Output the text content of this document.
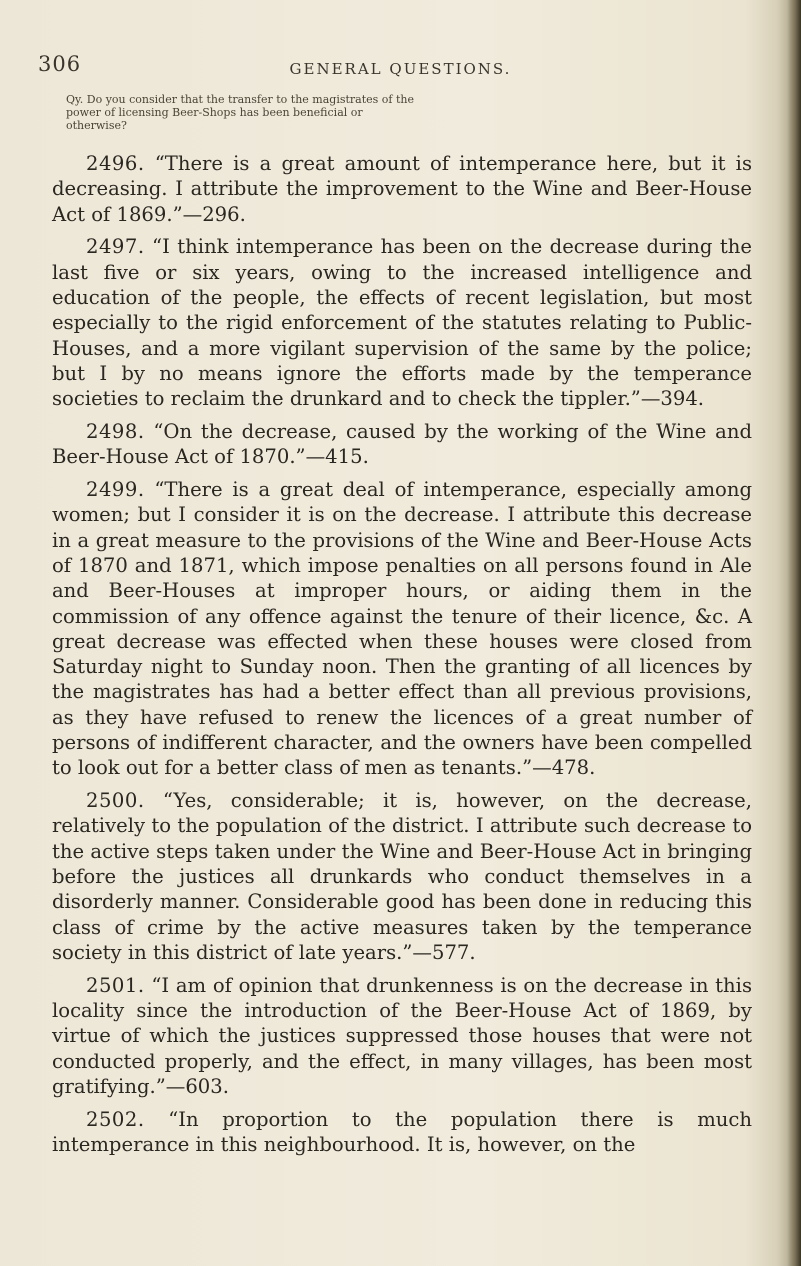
306	GENERAL QUESTIONS.
Qy. Do you consider that the transfer to the magistrates of the power of licensing Beer-Shops has been beneficial or otherwise?

2496. “There is a great amount of intemperance here, but it is decreasing. I attribute the improvement to the Wine and Beer-House Act of 1869.”—296.

2497. “I think intemperance has been on the decrease during the last five or six years, owing to the increased intelligence and education of the people, the effects of recent legislation, but most especially to the rigid enforcement of the statutes relating to Public-Houses, and a more vigilant supervision of the same by the police; but I by no means ignore the efforts made by the temperance societies to reclaim the drunkard and to check the tippler.”—394.

2498. “On the decrease, caused by the working of the Wine and Beer-House Act of 1870.”—415.

2499. “There is a great deal of intemperance, especially among women; but I consider it is on the decrease. I attribute this decrease in a great measure to the provisions of the Wine and Beer-House Acts of 1870 and 1871, which impose penalties on all persons found in Ale and Beer-Houses at improper hours, or aiding them in the commission of any offence against the tenure of their licence, &c. A great decrease was effected when these houses were closed from Saturday night to Sunday noon. Then the granting of all licences by the magistrates has had a better effect than all previous provisions, as they have refused to renew the licences of a great number of persons of indifferent character, and the owners have been compelled to look out for a better class of men as tenants.”—478.

2500. “Yes, considerable; it is, however, on the decrease, relatively to the population of the district. I attribute such decrease to the active steps taken under the Wine and Beer-House Act in bringing before the justices all drunkards who conduct themselves in a disorderly manner. Considerable good has been done in reducing this class of crime by the active measures taken by the temperance society in this district of late years.”—577.

2501. “I am of opinion that drunkenness is on the decrease in this locality since the introduction of the Beer-House Act of 1869, by virtue of which the justices suppressed those houses that were not conducted properly, and the effect, in many villages, has been most gratifying.”—603.

2502. “In proportion to the population there is much intemperance in this neighbourhood. It is, however, on the
